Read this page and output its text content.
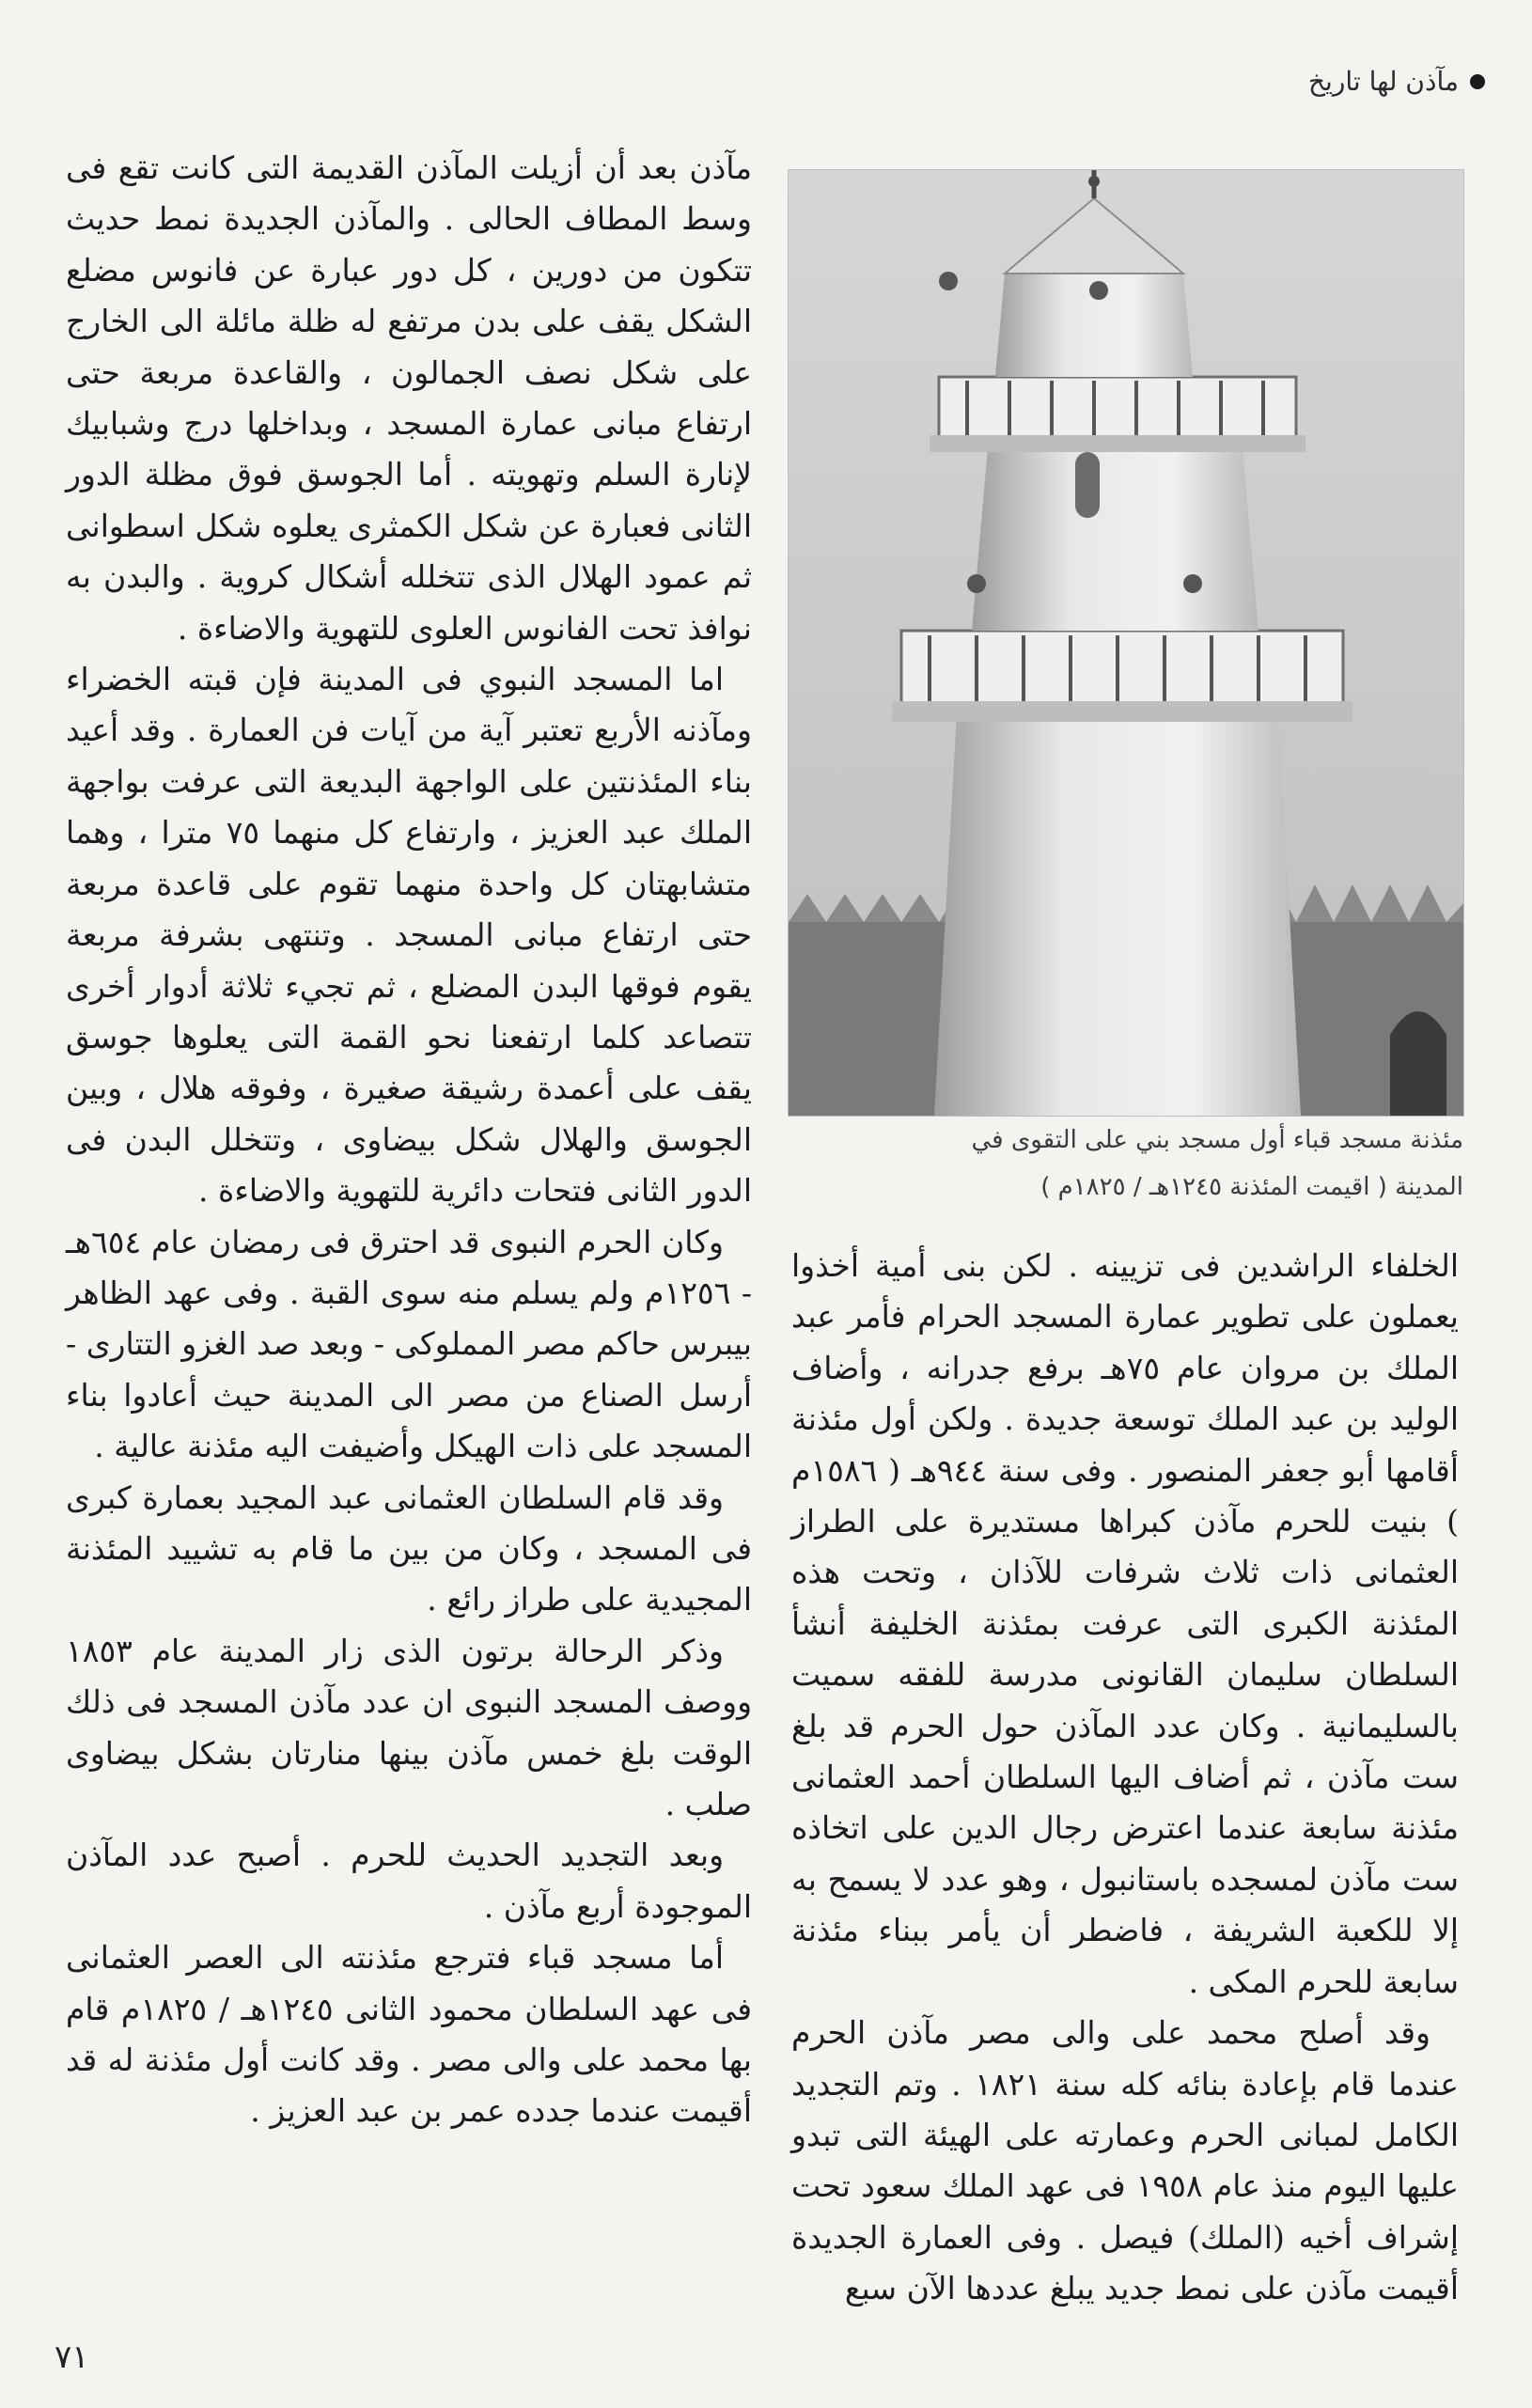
مآذن لها تاريخ

مآذن بعد أن أزيلت المآذن القديمة التى كانت تقع فى وسط المطاف الحالى . والمآذن الجديدة نمط حديث تتكون من دورين ، كل دور عبارة عن فانوس مضلع الشكل يقف على بدن مرتفع له ظلة مائلة الى الخارج على شكل نصف الجمالون ، والقاعدة مربعة حتى ارتفاع مبانى عمارة المسجد ، وبداخلها درج وشبابيك لإنارة السلم وتهويته . أما الجوسق فوق مظلة الدور الثانى فعبارة عن شكل الكمثرى يعلوه شكل اسطوانى ثم عمود الهلال الذى تتخلله أشكال كروية . والبدن به نوافذ تحت الفانوس العلوى للتهوية والاضاءة .

اما المسجد النبوي فى المدينة فإن قبته الخضراء ومآذنه الأربع تعتبر آية من آيات فن العمارة . وقد أعيد بناء المئذنتين على الواجهة البديعة التى عرفت بواجهة الملك عبد العزيز ، وارتفاع كل منهما ٧٥ مترا ، وهما متشابهتان كل واحدة منهما تقوم على قاعدة مربعة حتى ارتفاع مبانى المسجد . وتنتهى بشرفة مربعة يقوم فوقها البدن المضلع ، ثم تجيء ثلاثة أدوار أخرى تتصاعد كلما ارتفعنا نحو القمة التى يعلوها جوسق يقف على أعمدة رشيقة صغيرة ، وفوقه هلال ، وبين الجوسق والهلال شكل بيضاوى ، وتتخلل البدن فى الدور الثانى فتحات دائرية للتهوية والاضاءة .

وكان الحرم النبوى قد احترق فى رمضان عام ٦٥٤هـ - ١٢٥٦م ولم يسلم منه سوى القبة . وفى عهد الظاهر بيبرس حاكم مصر المملوكى - وبعد صد الغزو التتارى - أرسل الصناع من مصر الى المدينة حيث أعادوا بناء المسجد على ذات الهيكل وأضيفت اليه مئذنة عالية .

وقد قام السلطان العثمانى عبد المجيد بعمارة كبرى فى المسجد ، وكان من بين ما قام به تشييد المئذنة المجيدية على طراز رائع .

وذكر الرحالة برتون الذى زار المدينة عام ١٨٥٣ ووصف المسجد النبوى ان عدد مآذن المسجد فى ذلك الوقت بلغ خمس مآذن بينها منارتان بشكل بيضاوى صلب .

وبعد التجديد الحديث للحرم . أصبح عدد المآذن الموجودة أربع مآذن .

أما مسجد قباء فترجع مئذنته الى العصر العثمانى فى عهد السلطان محمود الثانى ١٢٤٥هـ / ١٨٢٥م قام بها محمد على والى مصر . وقد كانت أول مئذنة له قد أقيمت عندما جدده عمر بن عبد العزيز .

مئذنة مسجد قباء أول مسجد بني على التقوى في
المدينة ( اقيمت المئذنة ١٢٤٥هـ / ١٨٢٥م )

الخلفاء الراشدين فى تزيينه . لكن بنى أمية أخذوا يعملون على تطوير عمارة المسجد الحرام فأمر عبد الملك بن مروان عام ٧٥هـ برفع جدرانه ، وأضاف الوليد بن عبد الملك توسعة جديدة . ولكن أول مئذنة أقامها أبو جعفر المنصور . وفى سنة ٩٤٤هـ ( ١٥٨٦م ) بنيت للحرم مآذن كبراها مستديرة على الطراز العثمانى ذات ثلاث شرفات للآذان ، وتحت هذه المئذنة الكبرى التى عرفت بمئذنة الخليفة أنشأ السلطان سليمان القانونى مدرسة للفقه سميت بالسليمانية . وكان عدد المآذن حول الحرم قد بلغ ست مآذن ، ثم أضاف اليها السلطان أحمد العثمانى مئذنة سابعة عندما اعترض رجال الدين على اتخاذه ست مآذن لمسجده باستانبول ، وهو عدد لا يسمح به إلا للكعبة الشريفة ، فاضطر أن يأمر ببناء مئذنة سابعة للحرم المكى .

وقد أصلح محمد على والى مصر مآذن الحرم عندما قام بإعادة بنائه كله سنة ١٨٢١ . وتم التجديد الكامل لمبانى الحرم وعمارته على الهيئة التى تبدو عليها اليوم منذ عام ١٩٥٨ فى عهد الملك سعود تحت إشراف أخيه (الملك) فيصل . وفى العمارة الجديدة أقيمت مآذن على نمط جديد يبلغ عددها الآن سبع

٧١
